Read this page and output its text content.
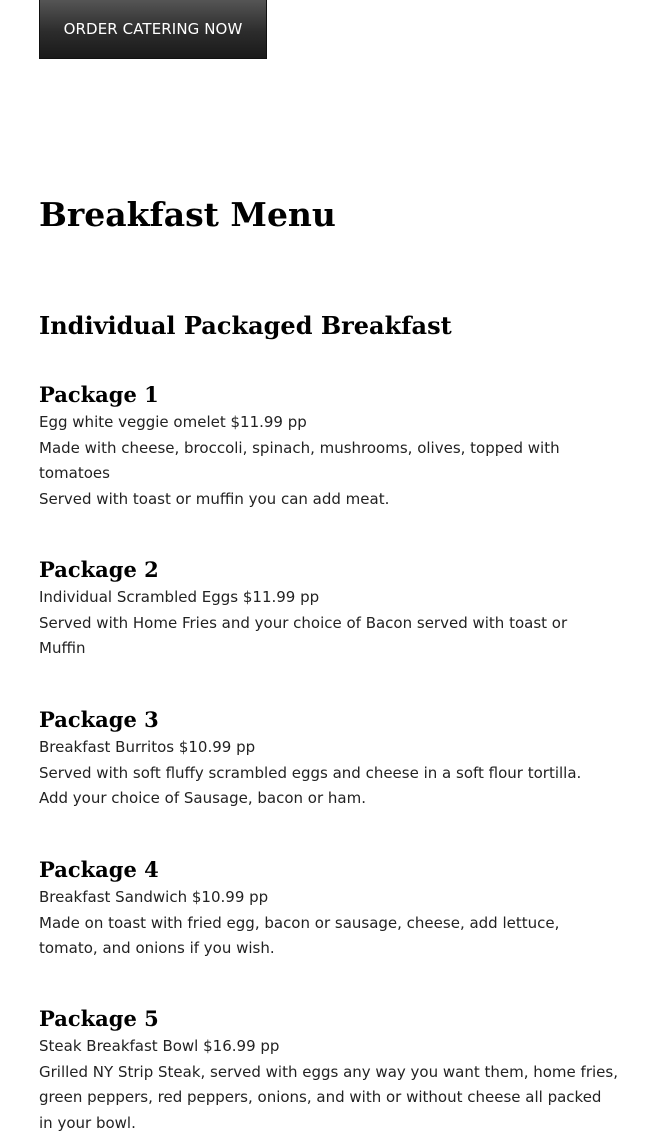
ORDER CATERING NOW
Breakfast Menu
Individual Packaged Breakfast
Package 1

Egg white veggie omelet $11.99 pp

Made with cheese, broccoli, spinach, mushrooms, olives, topped with tomatoes

Served with toast or muffin you can add meat.

Package 2

Individual Scrambled Eggs $11.99 pp

Served with Home Fries and your choice of Bacon served with toast or Muffin

Package 3

Breakfast Burritos $10.99 pp

Served with soft fluffy scrambled eggs and cheese in a soft flour tortilla.

Add your choice of Sausage, bacon or ham.

Package 4

Breakfast Sandwich $10.99 pp

Made on toast with fried egg, bacon or sausage, cheese, add lettuce, tomato, and onions if you wish.

Package 5

Steak Breakfast Bowl $16.99 pp

Grilled NY Strip Steak, served with eggs any way you want them, home fries, green peppers, red peppers, onions, and with or without cheese all packed in your bowl.
